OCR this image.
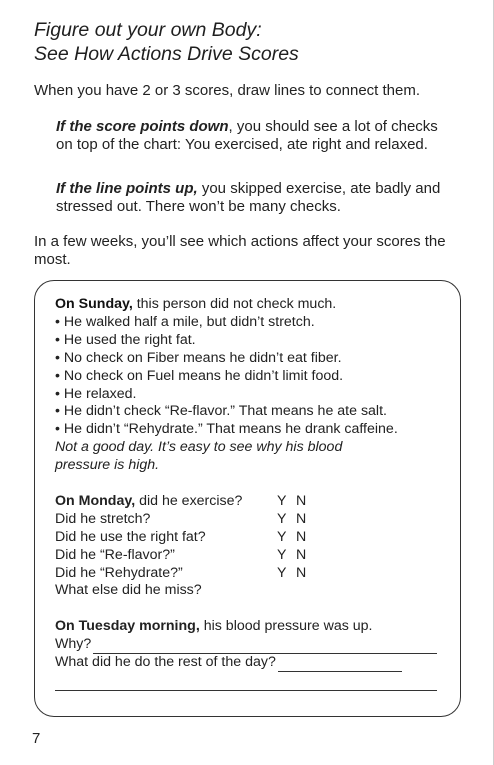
Figure out your own Body:
See How Actions Drive Scores
When you have 2 or 3 scores, draw lines to connect them.
If the score points down, you should see a lot of checks on top of the chart: You exercised, ate right and relaxed.
If the line points up, you skipped exercise, ate badly and stressed out. There won’t be many checks.
In a few weeks, you’ll see which actions affect your scores the most.
On Sunday, this person did not check much.
• He walked half a mile, but didn’t stretch.
• He used the right fat.
• No check on Fiber means he didn’t eat fiber.
• No check on Fuel means he didn’t limit food.
• He relaxed.
• He didn’t check “Re-flavor.” That means he ate salt.
• He didn’t “Rehydrate.” That means he drank caffeine.
Not a good day. It’s easy to see why his blood
pressure is high.
On Monday, did he exercise?	Y N
Did he stretch?	Y N
Did he use the right fat?	Y N
Did he “Re-flavor?”	Y N
Did he “Rehydrate?”	Y N
What else did he miss?
On Tuesday morning, his blood pressure was up.
Why?
What did he do the rest of the day?
7
